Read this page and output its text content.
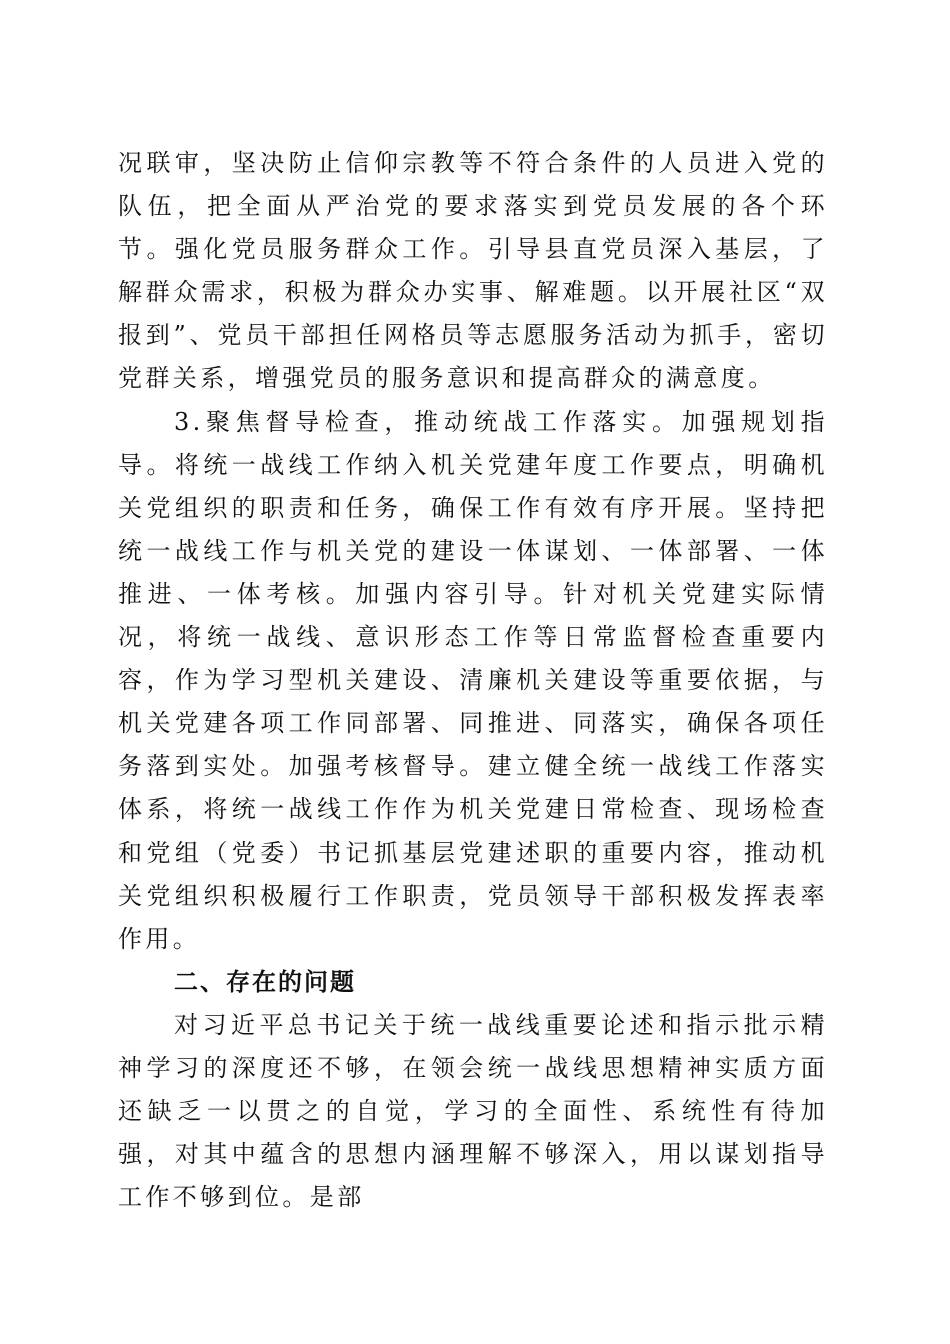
况联审，坚决防止信仰宗教等不符合条件的人员进入党的队伍，把全面从严治党的要求落实到党员发展的各个环节。强化党员服务群众工作。引导县直党员深入基层，了解群众需求，积极为群众办实事、解难题。以开展社区“双报到”、党员干部担任网格员等志愿服务活动为抓手，密切党群关系，增强党员的服务意识和提高群众的满意度。

3.聚焦督导检查，推动统战工作落实。加强规划指导。将统一战线工作纳入机关党建年度工作要点，明确机关党组织的职责和任务，确保工作有效有序开展。坚持把统一战线工作与机关党的建设一体谋划、一体部署、一体推进、一体考核。加强内容引导。针对机关党建实际情况，将统一战线、意识形态工作等日常监督检查重要内容，作为学习型机关建设、清廉机关建设等重要依据，与机关党建各项工作同部署、同推进、同落实，确保各项任务落到实处。加强考核督导。建立健全统一战线工作落实体系，将统一战线工作作为机关党建日常检查、现场检查和党组（党委）书记抓基层党建述职的重要内容，推动机关党组织积极履行工作职责，党员领导干部积极发挥表率作用。

二、存在的问题

对习近平总书记关于统一战线重要论述和指示批示精神学习的深度还不够，在领会统一战线思想精神实质方面还缺乏一以贯之的自觉，学习的全面性、系统性有待加强，对其中蕴含的思想内涵理解不够深入，用以谋划指导工作不够到位。是部
